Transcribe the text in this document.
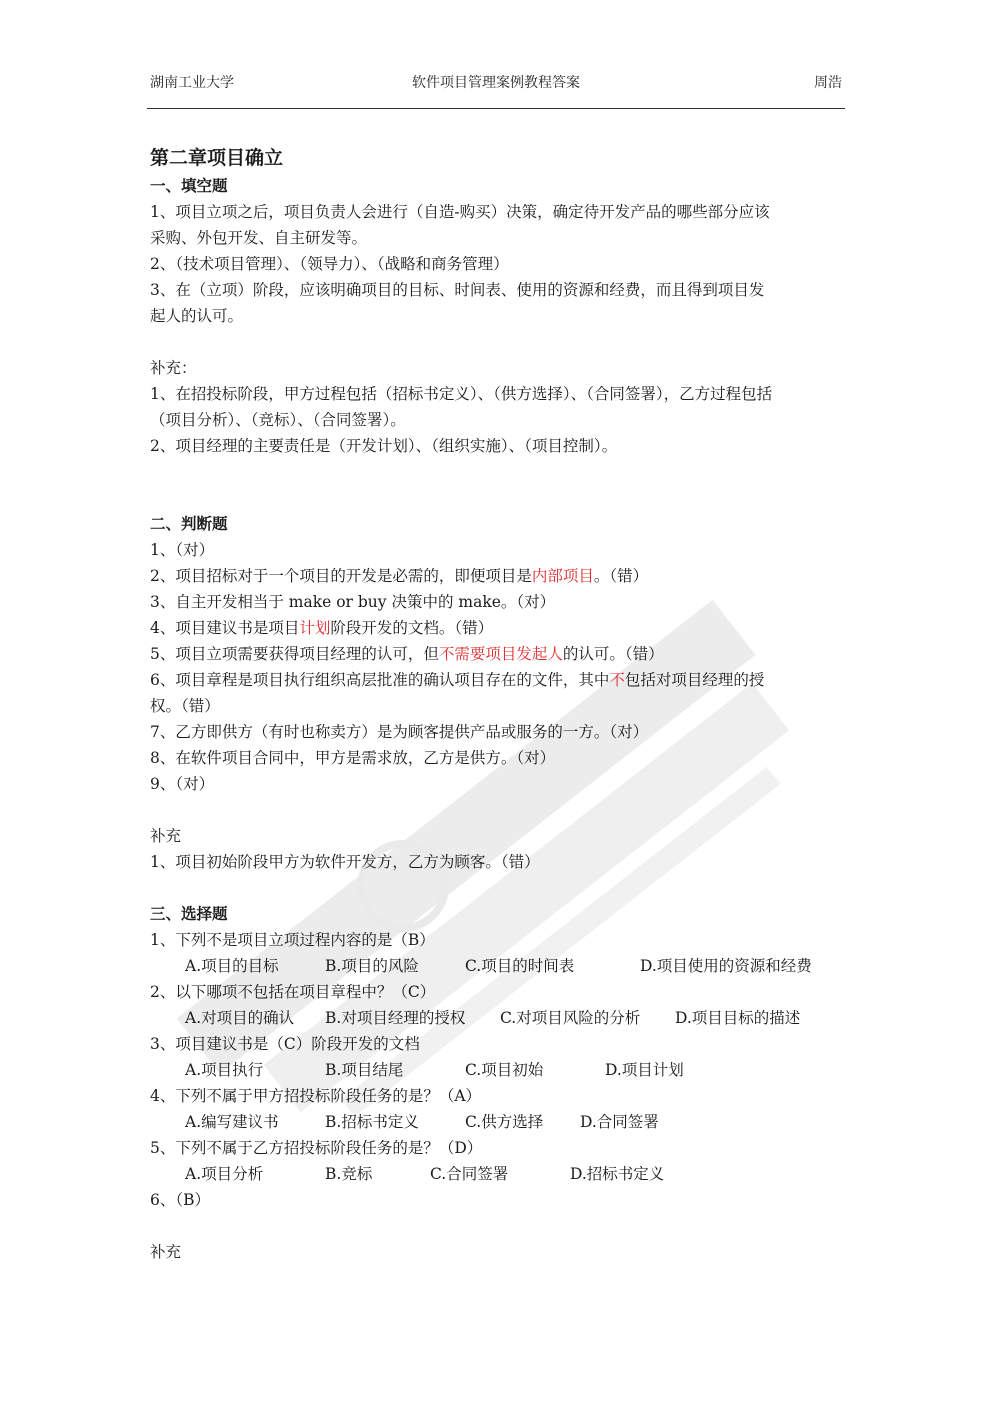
湖南工业大学	软件项目管理案例教程答案	周浩
第二章项目确立
一、填空题
1、项目立项之后，项目负责人会进行（自造-购买）决策，确定待开发产品的哪些部分应该
采购、外包开发、自主研发等。
2、（技术项目管理）、（领导力）、（战略和商务管理）
3、在（立项）阶段，应该明确项目的目标、时间表、使用的资源和经费，而且得到项目发
起人的认可。
补充：
1、在招投标阶段，甲方过程包括（招标书定义）、（供方选择）、（合同签署），乙方过程包括
（项目分析）、（竞标）、（合同签署）。
2、项目经理的主要责任是（开发计划）、（组织实施）、（项目控制）。
二、判断题
1、（对）
2、项目招标对于一个项目的开发是必需的，即便项目是内部项目。（错）
3、自主开发相当于 make or buy 决策中的 make。（对）
4、项目建议书是项目计划阶段开发的文档。（错）
5、项目立项需要获得项目经理的认可，但不需要项目发起人的认可。（错）
6、项目章程是项目执行组织高层批准的确认项目存在的文件，其中不包括对项目经理的授
权。（错）
7、乙方即供方（有时也称卖方）是为顾客提供产品或服务的一方。（对）
8、在软件项目合同中，甲方是需求放，乙方是供方。（对）
9、（对）
补充
1、项目初始阶段甲方为软件开发方，乙方为顾客。（错）
三、选择题
1、下列不是项目立项过程内容的是（B）
A.项目的目标	B.项目的风险	C.项目的时间表	D.项目使用的资源和经费
2、以下哪项不包括在项目章程中？（C）
A.对项目的确认 B.对项目经理的授权 C.对项目风险的分析 D.项目目标的描述
3、项目建议书是（C）阶段开发的文档
A.项目执行	B.项目结尾	C.项目初始	D.项目计划
4、下列不属于甲方招投标阶段任务的是？（A）
A.编写建议书	B.招标书定义	C.供方选择 D.合同签署
5、下列不属于乙方招投标阶段任务的是？（D）
A.项目分析	B.竞标	C.合同签署	D.招标书定义
6、（B）
补充
